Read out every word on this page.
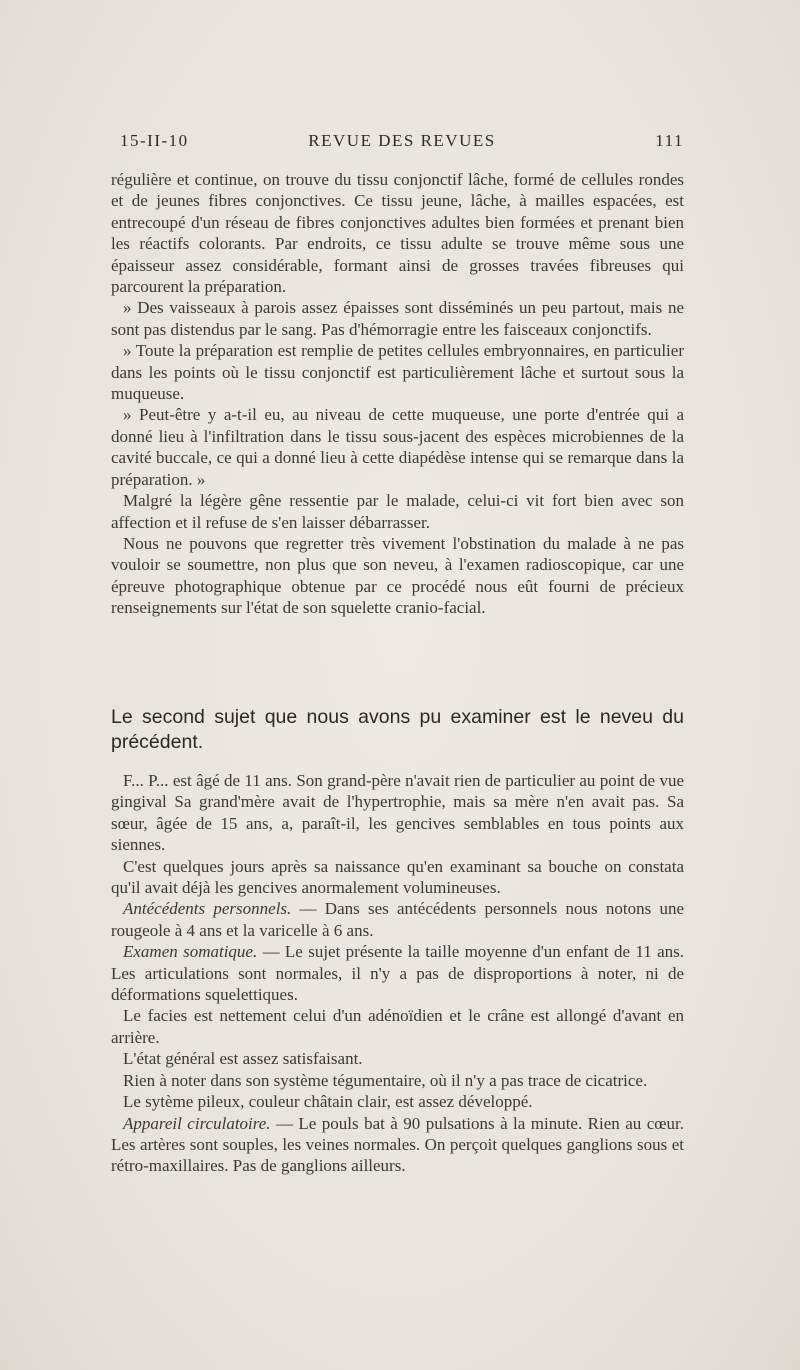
15-II-10	REVUE DES REVUES	111

régulière et continue, on trouve du tissu conjonctif lâche, formé de cellules rondes et de jeunes fibres conjonctives. Ce tissu jeune, lâche, à mailles espacées, est entrecoupé d'un réseau de fibres conjonctives adultes bien formées et prenant bien les réactifs colorants. Par endroits, ce tissu adulte se trouve même sous une épaisseur assez considérable, formant ainsi de grosses travées fibreuses qui parcourent la préparation.

» Des vaisseaux à parois assez épaisses sont disséminés un peu partout, mais ne sont pas distendus par le sang. Pas d'hémorragie entre les faisceaux conjonctifs.

» Toute la préparation est remplie de petites cellules embryonnaires, en particulier dans les points où le tissu conjonctif est particulièrement lâche et surtout sous la muqueuse.

» Peut-être y a-t-il eu, au niveau de cette muqueuse, une porte d'entrée qui a donné lieu à l'infiltration dans le tissu sous-jacent des espèces microbiennes de la cavité buccale, ce qui a donné lieu à cette diapédèse intense qui se remarque dans la préparation. »

Malgré la légère gêne ressentie par le malade, celui-ci vit fort bien avec son affection et il refuse de s'en laisser débarrasser.

Nous ne pouvons que regretter très vivement l'obstination du malade à ne pas vouloir se soumettre, non plus que son neveu, à l'examen radioscopique, car une épreuve photographique obtenue par ce procédé nous eût fourni de précieux renseignements sur l'état de son squelette cranio-facial.

Le second sujet que nous avons pu examiner est le neveu du précédent.

F... P... est âgé de 11 ans. Son grand-père n'avait rien de particulier au point de vue gingival Sa grand'mère avait de l'hypertrophie, mais sa mère n'en avait pas. Sa sœur, âgée de 15 ans, a, paraît-il, les gencives semblables en tous points aux siennes.

C'est quelques jours après sa naissance qu'en examinant sa bouche on constata qu'il avait déjà les gencives anormalement volumineuses.

Antécédents personnels. — Dans ses antécédents personnels nous notons une rougeole à 4 ans et la varicelle à 6 ans.

Examen somatique. — Le sujet présente la taille moyenne d'un enfant de 11 ans. Les articulations sont normales, il n'y a pas de disproportions à noter, ni de déformations squelettiques.

Le facies est nettement celui d'un adénoïdien et le crâne est allongé d'avant en arrière.

L'état général est assez satisfaisant.

Rien à noter dans son système tégumentaire, où il n'y a pas trace de cicatrice.

Le sytème pileux, couleur châtain clair, est assez développé.

Appareil circulatoire. — Le pouls bat à 90 pulsations à la minute. Rien au cœur. Les artères sont souples, les veines normales. On perçoit quelques ganglions sous et rétro-maxillaires. Pas de ganglions ailleurs.
